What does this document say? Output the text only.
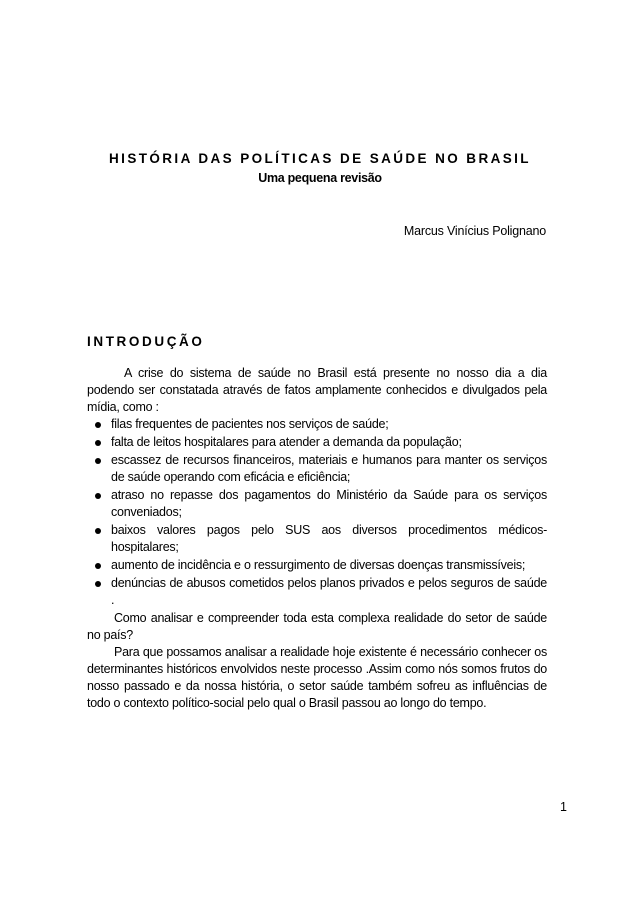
HISTÓRIA DAS POLÍTICAS DE SAÚDE NO BRASIL
Uma pequena revisão
Marcus Vinícius Polignano
INTRODUÇÃO

A crise do sistema de saúde no Brasil está presente no nosso dia a dia podendo ser constatada através de fatos amplamente conhecidos e divulgados pela mídia, como :

filas frequentes de pacientes nos serviços de saúde;
falta de leitos hospitalares para atender a demanda da população;
escassez de recursos financeiros, materiais e humanos para manter os serviços de saúde operando com eficácia e eficiência;
atraso no repasse dos pagamentos do Ministério da Saúde para os serviços conveniados;
baixos valores pagos pelo SUS aos diversos procedimentos médicos-hospitalares;
aumento de incidência e o ressurgimento de diversas doenças transmissíveis;
denúncias de abusos cometidos pelos planos privados e pelos seguros de saúde .

Como analisar e compreender toda esta complexa realidade do setor de saúde no país?

Para que possamos analisar a realidade hoje existente é necessário conhecer os determinantes históricos envolvidos neste processo .Assim como nós somos frutos do nosso passado e da nossa história, o setor saúde também sofreu as influências de todo o contexto político-social pelo qual o Brasil passou ao longo do tempo.

1
